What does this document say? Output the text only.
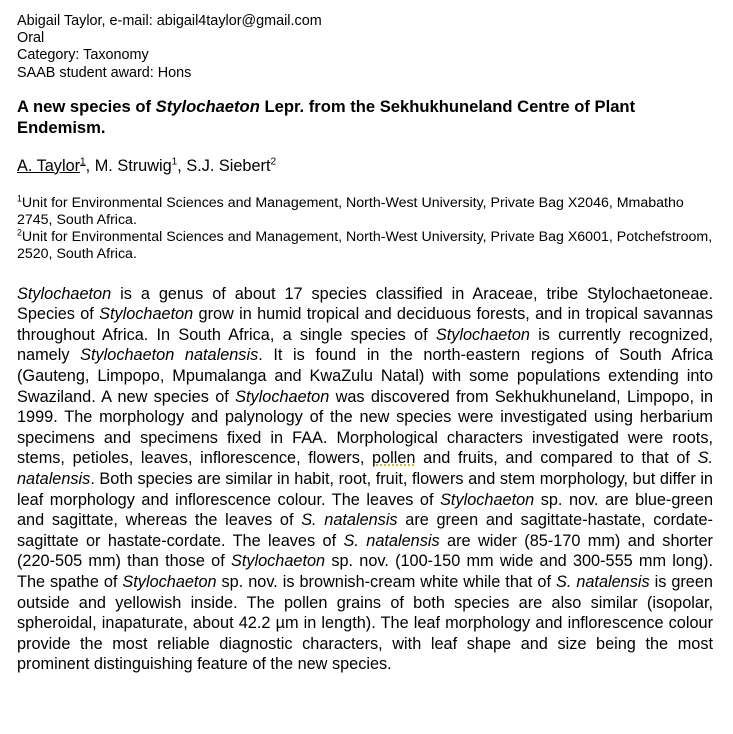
Abigail Taylor, e-mail: abigail4taylor@gmail.com
Oral
Category: Taxonomy
SAAB student award: Hons
A new species of Stylochaeton Lepr. from the Sekhukhuneland Centre of Plant Endemism.
A. Taylor$^1$, M. Struwig$^1$, S.J. Siebert$^2$
$^1$Unit for Environmental Sciences and Management, North-West University, Private Bag X2046, Mmabatho 2745, South Africa.
$^2$Unit for Environmental Sciences and Management, North-West University, Private Bag X6001, Potchefstroom, 2520, South Africa.

Stylochaeton is a genus of about 17 species classified in Araceae, tribe Stylochaetoneae. Species of Stylochaeton grow in humid tropical and deciduous forests, and in tropical savannas throughout Africa. In South Africa, a single species of Stylochaeton is currently recognized, namely Stylochaeton natalensis. It is found in the north-eastern regions of South Africa (Gauteng, Limpopo, Mpumalanga and KwaZulu Natal) with some populations extending into Swaziland. A new species of Stylochaeton was discovered from Sekhukhuneland, Limpopo, in 1999. The morphology and palynology of the new species were investigated using herbarium specimens and specimens fixed in FAA. Morphological characters investigated were roots, stems, petioles, leaves, inflorescence, flowers, pollen and fruits, and compared to that of S. natalensis. Both species are similar in habit, root, fruit, flowers and stem morphology, but differ in leaf morphology and inflorescence colour. The leaves of Stylochaeton sp. nov. are blue-green and sagittate, whereas the leaves of S. natalensis are green and sagittate-hastate, cordate-sagittate or hastate-cordate. The leaves of S. natalensis are wider (85-170 mm) and shorter (220-505 mm) than those of Stylochaeton sp. nov. (100-150 mm wide and 300-555 mm long). The spathe of Stylochaeton sp. nov. is brownish-cream white while that of S. natalensis is green outside and yellowish inside. The pollen grains of both species are also similar (isopolar, spheroidal, inapaturate, about 42.2 µm in length). The leaf morphology and inflorescence colour provide the most reliable diagnostic characters, with leaf shape and size being the most prominent distinguishing feature of the new species.
